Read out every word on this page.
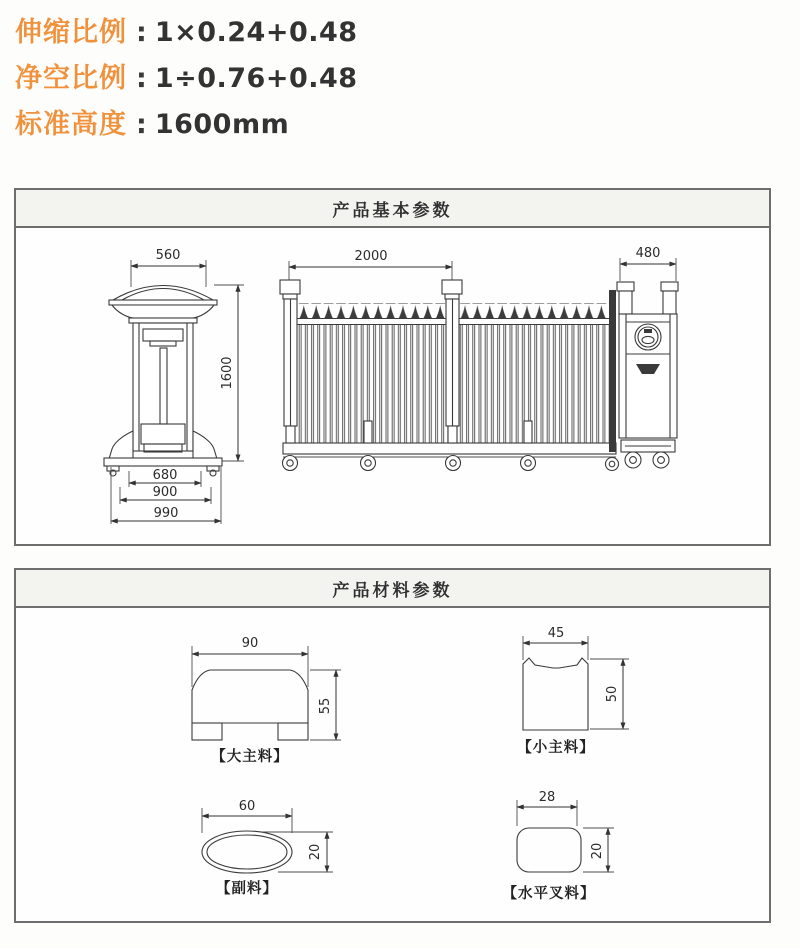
伸缩比例 : 1×0.24+0.48
净空比例 : 1÷0.76+0.48
标准高度 : 1600mm
产品基本参数
560
1600
680
900
990
2000	480
产品材料参数
90
55
【大主料】
45
50
【小主料】
60
20
【副料】
28
20
【水平叉料】
